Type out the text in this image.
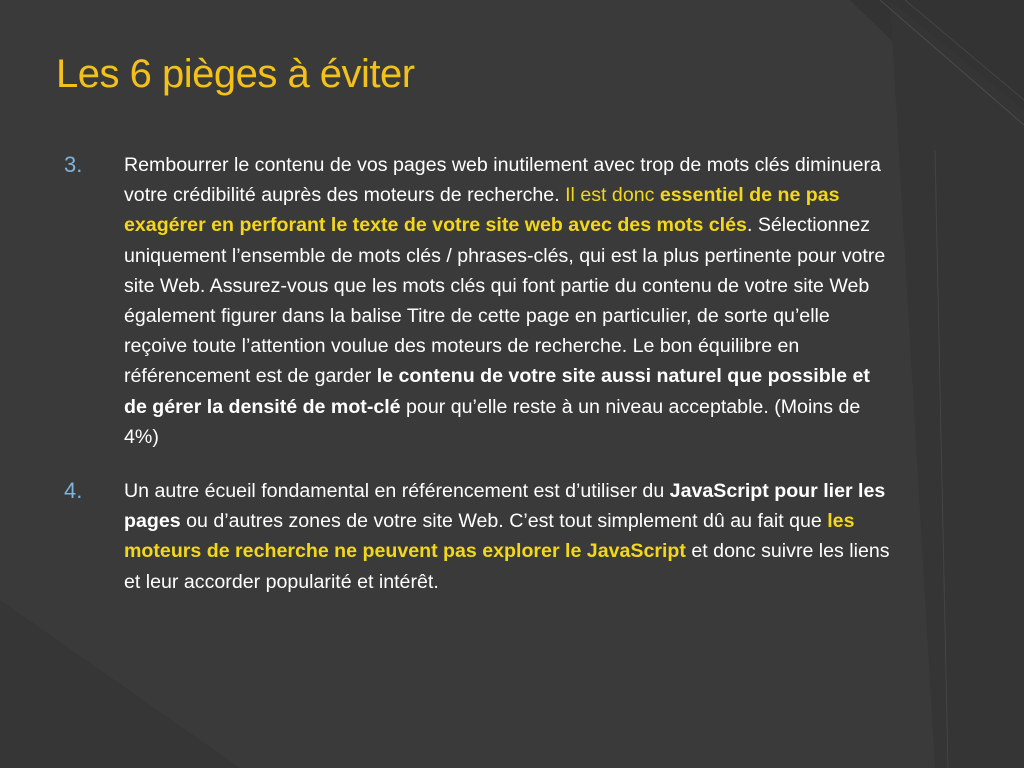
Les 6 pièges à éviter
3.	Rembourrer le contenu de vos pages web inutilement avec trop de mots clés diminuera votre crédibilité auprès des moteurs de recherche. Il est donc essentiel de ne pas exagérer en perforant le texte de votre site web avec des mots clés. Sélectionnez uniquement l’ensemble de mots clés / phrases-clés, qui est la plus pertinente pour votre site Web. Assurez-vous que les mots clés qui font partie du contenu de votre site Web également figurer dans la balise Titre de cette page en particulier, de sorte qu’elle reçoive toute l’attention voulue des moteurs de recherche. Le bon équilibre en référencement est de garder le contenu de votre site aussi naturel que possible et de gérer la densité de mot-clé pour qu’elle reste à un niveau acceptable. (Moins de 4%)
4.	Un autre écueil fondamental en référencement est d’utiliser du JavaScript pour lier les pages ou d’autres zones de votre site Web. C’est tout simplement dû au fait que les moteurs de recherche ne peuvent pas explorer le JavaScript et donc suivre les liens et leur accorder popularité et intérêt.
